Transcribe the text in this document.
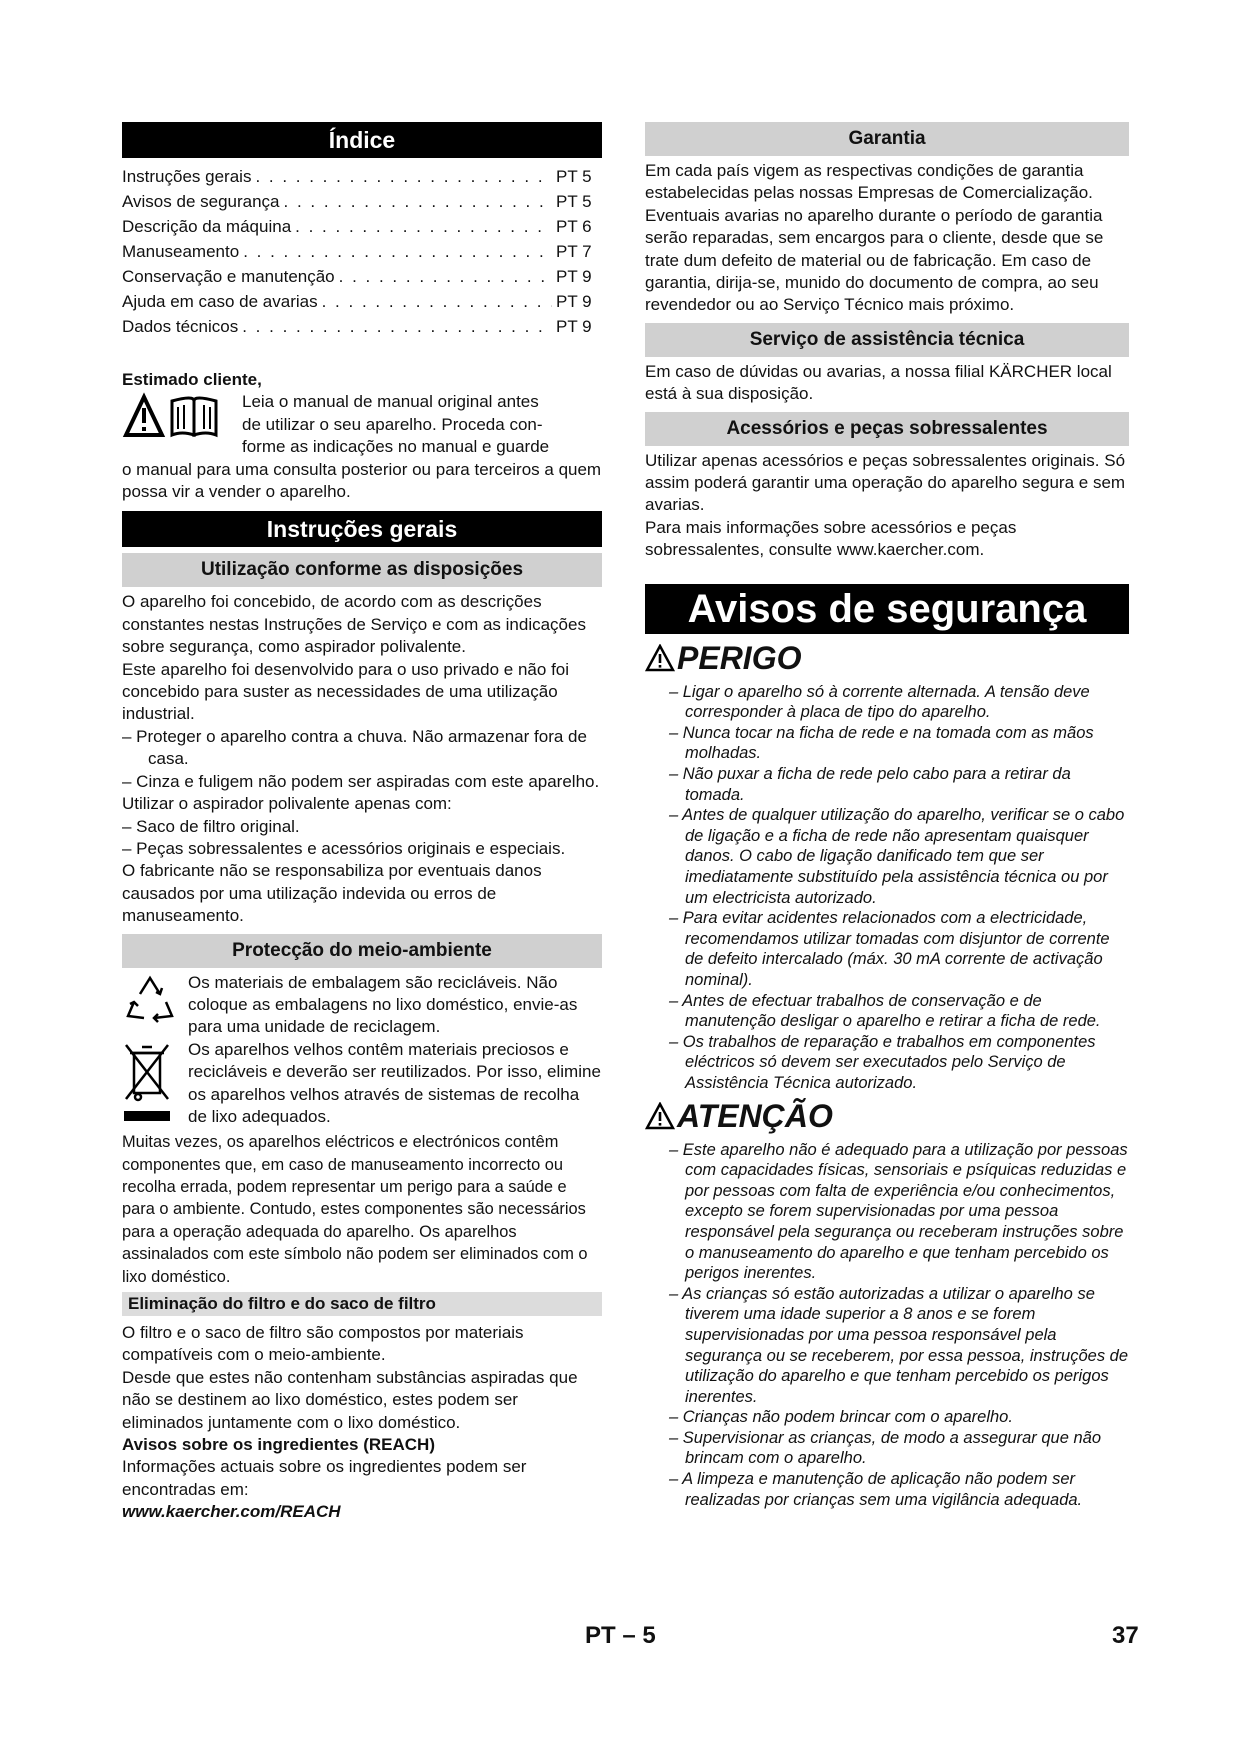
Índice
Instruções gerais . . .	PT 5
Avisos de segurança . . .	PT 5
Descrição da máquina . . .	PT 6
Manuseamento . . .	PT 7
Conservação e manutenção . . .	PT 9
Ajuda em caso de avarias . . .	PT 9
Dados técnicos . . .	PT 9

Estimado cliente,

Leia o manual de manual original antes

de utilizar o seu aparelho. Proceda con-

forme as indicações no manual e guarde

o manual para uma consulta posterior ou para terceiros a quem possa vir a vender o aparelho.

Instruções gerais
Utilização conforme as disposições

O aparelho foi concebido, de acordo com as descrições constantes nestas Instruções de Serviço e com as indicações sobre segurança, como aspirador polivalente.

Este aparelho foi desenvolvido para o uso privado e não foi concebido para suster as necessidades de uma utilização industrial.

– Proteger o aparelho contra a chuva. Não armazenar fora de casa.

– Cinza e fuligem não podem ser aspiradas com este aparelho.

Utilizar o aspirador polivalente apenas com:

– Saco de filtro original.

– Peças sobressalentes e acessórios originais e especiais.

O fabricante não se responsabiliza por eventuais danos causados por uma utilização indevida ou erros de manuseamento.

Protecção do meio-ambiente

Os materiais de embalagem são recicláveis. Não coloque as embalagens no lixo doméstico, envie-as para uma unidade de reciclagem.

Os aparelhos velhos contêm materiais preciosos e recicláveis e deverão ser reutilizados. Por isso, elimine os aparelhos velhos através de sistemas de recolha de lixo adequados.

Muitas vezes, os aparelhos eléctricos e electrónicos contêm componentes que, em caso de manuseamento incorrecto ou recolha errada, podem representar um perigo para a saúde e para o ambiente. Contudo, estes componentes são necessários para a operação adequada do aparelho. Os aparelhos assinalados com este símbolo não podem ser eliminados com o lixo doméstico.

Eliminação do filtro e do saco de filtro

O filtro e o saco de filtro são compostos por materiais compatíveis com o meio-ambiente.

Desde que estes não contenham substâncias aspiradas que não se destinem ao lixo doméstico, estes podem ser eliminados juntamente com o lixo doméstico.

Avisos sobre os ingredientes (REACH)

Informações actuais sobre os ingredientes podem ser encontradas em:

www.kaercher.com/REACH

Garantia

Em cada país vigem as respectivas condições de garantia estabelecidas pelas nossas Empresas de Comercialização. Eventuais avarias no aparelho durante o período de garantia serão reparadas, sem encargos para o cliente, desde que se trate dum defeito de material ou de fabricação. Em caso de garantia, dirija-se, munido do documento de compra, ao seu revendedor ou ao Serviço Técnico mais próximo.

Serviço de assistência técnica

Em caso de dúvidas ou avarias, a nossa filial KÄRCHER local está à sua disposição.

Acessórios e peças sobressalentes

Utilizar apenas acessórios e peças sobressalentes originais. Só assim poderá garantir uma operação do aparelho segura e sem avarias.

Para mais informações sobre acessórios e peças sobressalentes, consulte www.kaercher.com.

Avisos de segurança
PERIGO

– Ligar o aparelho só à corrente alternada. A tensão deve corresponder à placa de tipo do aparelho.

– Nunca tocar na ficha de rede e na tomada com as mãos molhadas.

– Não puxar a ficha de rede pelo cabo para a retirar da tomada.

– Antes de qualquer utilização do aparelho, verificar se o cabo de ligação e a ficha de rede não apresentam quaisquer danos. O cabo de ligação danificado tem que ser imediatamente substituído pela assistência técnica ou por um electricista autorizado.

– Para evitar acidentes relacionados com a electricidade, recomendamos utilizar tomadas com disjuntor de corrente de defeito intercalado (máx. 30 mA corrente de activação nominal).

– Antes de efectuar trabalhos de conservação e de manutenção desligar o aparelho e retirar a ficha de rede.

– Os trabalhos de reparação e trabalhos em componentes eléctricos só devem ser executados pelo Serviço de Assistência Técnica autorizado.

ATENÇÃO

– Este aparelho não é adequado para a utilização por pessoas com capacidades físicas, sensoriais e psíquicas reduzidas e por pessoas com falta de experiência e/ou conhecimentos, excepto se forem supervisionadas por uma pessoa responsável pela segurança ou receberam instruções sobre o manuseamento do aparelho e que tenham percebido os perigos inerentes.

– As crianças só estão autorizadas a utilizar o aparelho se tiverem uma idade superior a 8 anos e se forem supervisionadas por uma pessoa responsável pela segurança ou se receberem, por essa pessoa, instruções de utilização do aparelho e que tenham percebido os perigos inerentes.

– Crianças não podem brincar com o aparelho.

– Supervisionar as crianças, de modo a assegurar que não brincam com o aparelho.

– A limpeza e manutenção de aplicação não podem ser realizadas por crianças sem uma vigilância adequada.

PT – 5	37
